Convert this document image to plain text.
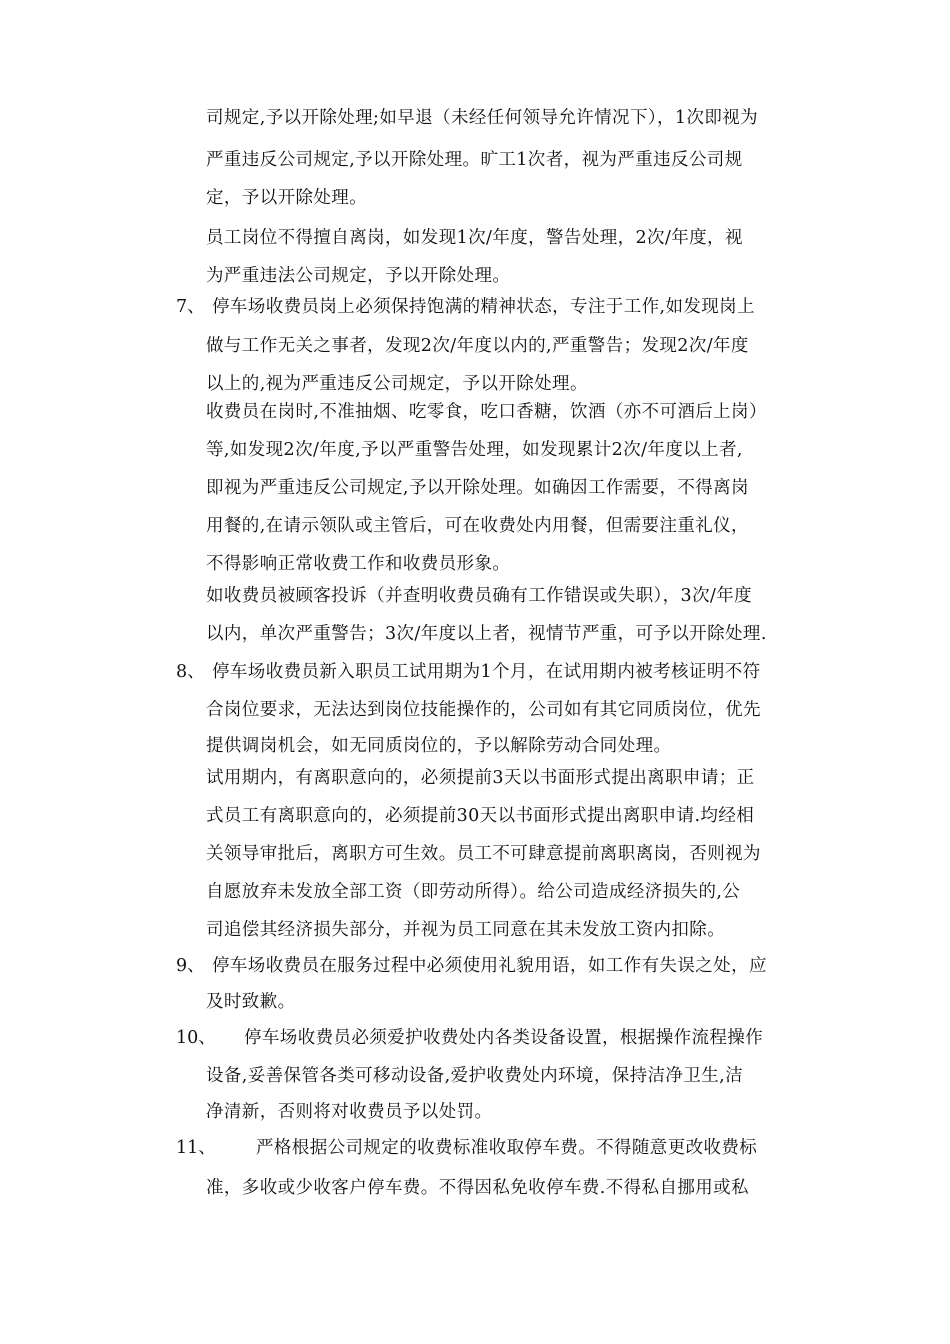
司规定,予以开除处理;如早退（未经任何领导允许情况下），1次即视为
严重违反公司规定,予以开除处理。旷工1次者，视为严重违反公司规
定，予以开除处理。
员工岗位不得擅自离岗，如发现1次/年度，警告处理，2次/年度，视
为严重违法公司规定，予以开除处理。
7、 停车场收费员岗上必须保持饱满的精神状态，专注于工作,如发现岗上
做与工作无关之事者，发现2次/年度以内的,严重警告；发现2次/年度
以上的,视为严重违反公司规定，予以开除处理。
收费员在岗时,不准抽烟、吃零食，吃口香糖，饮酒（亦不可酒后上岗）
等,如发现2次/年度,予以严重警告处理，如发现累计2次/年度以上者,
即视为严重违反公司规定,予以开除处理。如确因工作需要，不得离岗
用餐的,在请示领队或主管后，可在收费处内用餐，但需要注重礼仪，
不得影响正常收费工作和收费员形象。
如收费员被顾客投诉（并查明收费员确有工作错误或失职），3次/年度
以内，单次严重警告；3次/年度以上者，视情节严重，可予以开除处理.
8、 停车场收费员新入职员工试用期为1个月，在试用期内被考核证明不符
合岗位要求，无法达到岗位技能操作的，公司如有其它同质岗位，优先
提供调岗机会，如无同质岗位的，予以解除劳动合同处理。
试用期内，有离职意向的，必须提前3天以书面形式提出离职申请；正
式员工有离职意向的，必须提前30天以书面形式提出离职申请.均经相
关领导审批后，离职方可生效。员工不可肆意提前离职离岗，否则视为
自愿放弃未发放全部工资（即劳动所得）。给公司造成经济损失的,公
司追偿其经济损失部分，并视为员工同意在其未发放工资内扣除。
9、 停车场收费员在服务过程中必须使用礼貌用语，如工作有失误之处，应
及时致歉。
10、 停车场收费员必须爱护收费处内各类设备设置，根据操作流程操作
设备,妥善保管各类可移动设备,爱护收费处内环境，保持洁净卫生,洁
净清新，否则将对收费员予以处罚。
11、 严格根据公司规定的收费标准收取停车费。不得随意更改收费标
准，多收或少收客户停车费。不得因私免收停车费.不得私自挪用或私
